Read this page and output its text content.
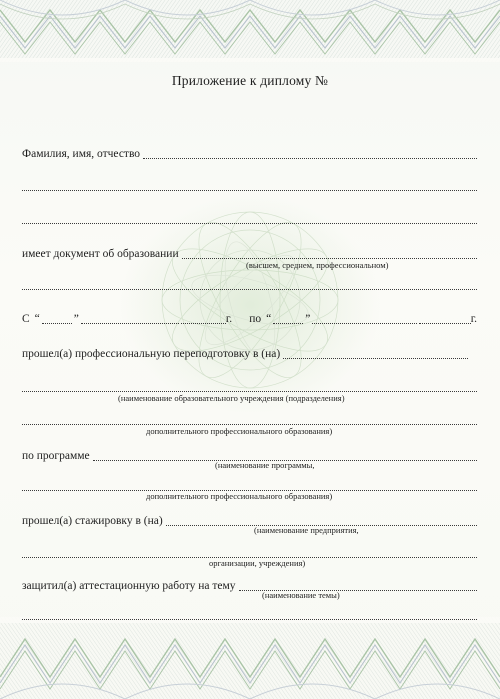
Приложение к диплому №
Фамилия, имя, отчество
имеет документ об образовании
(высшем, среднем, профессиональном)
С “	”	г.	по “	”	г.
прошел(а) профессиональную переподготовку в (на)
(наименование образовательного учреждения (подразделения)
дополнительного профессионального образования)
по программе
(наименование программы,
дополнительного профессионального образования)
прошел(а) стажировку в (на)
(наименование предприятия,
организации, учреждения)
защитил(а) аттестационную работу на тему
(наименование темы)
